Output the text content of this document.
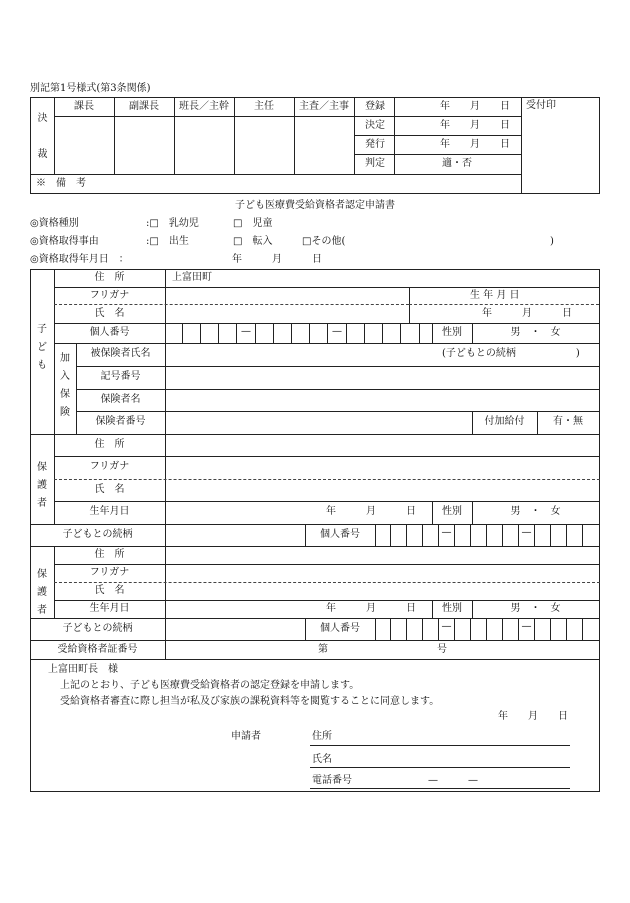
別記第1号様式(第3条関係)
決
裁
課長	副課長	班長／主幹	主任	主査／主事	登録	年　　月　　日
決定	年　　月　　日
発行	年　　月　　日
判定	適・否
受付印
※　備　考
子ども医療費受給資格者認定申請書
◎資格種別	:□　乳幼児	□　児童
◎資格取得事由	:□　出生	□　転入	□その他(	)
◎資格取得年月日　：	年　　　月　　　日
子ども
住　所	上富田町
フリガナ	生 年 月 日
氏　名	年　　　月　　　日
個人番号	—	—	性別	男　・　女
加入保険
被保険者氏名	(子どもとの続柄　　　　　　)
記号番号
保険者名
保険者番号	付加給付	有・無
保護者
住　所
フリガナ
氏　名
生年月日	年　　　月　　　日	性別	男　・　女
子どもとの続柄	個人番号	—	—
保護者
住　所
フリガナ
氏　名
生年月日	年　　　月　　　日	性別	男　・　女
子どもとの続柄	個人番号	—	—
受給資格者証番号	第	号
上富田町長　様
上記のとおり、子ども医療費受給資格者の認定登録を申請します。
受給資格者審査に際し担当が私及び家族の課税資料等を閲覧することに同意します。
年　　月　　日
申請者	住所
氏名
電話番号	—　　　—
